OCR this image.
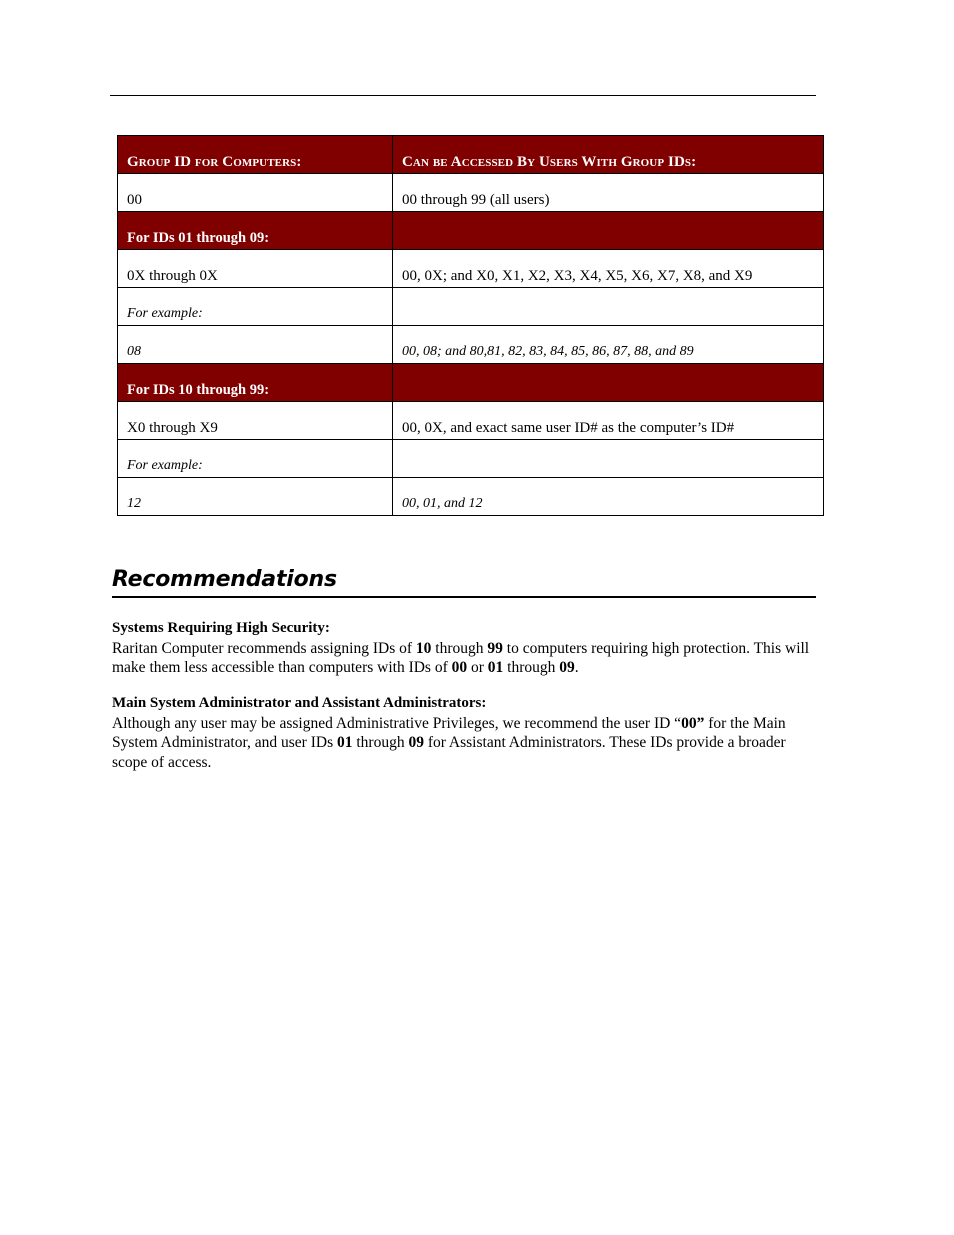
Group ID for Computers:	Can be Accessed By Users With Group IDs:
00	00 through 99 (all users)
For IDs 01 through 09:	
0X through 0X	00, 0X; and X0, X1, X2, X3, X4, X5, X6, X7, X8, and X9
For example:	
08	00, 08; and 80,81, 82, 83, 84, 85, 86, 87, 88, and 89
For IDs 10 through 99:	
X0 through X9	00, 0X, and exact same user ID# as the computer’s ID#
For example:	
12	00, 01, and 12
Recommendations
Systems Requiring High Security:

Raritan Computer recommends assigning IDs of 10 through 99 to computers requiring high protection. This will make them less accessible than computers with IDs of 00 or 01 through 09.

Main System Administrator and Assistant Administrators:

Although any user may be assigned Administrative Privileges, we recommend the user ID “00” for the Main System Administrator, and user IDs 01 through 09 for Assistant Administrators. These IDs provide a broader scope of access.
